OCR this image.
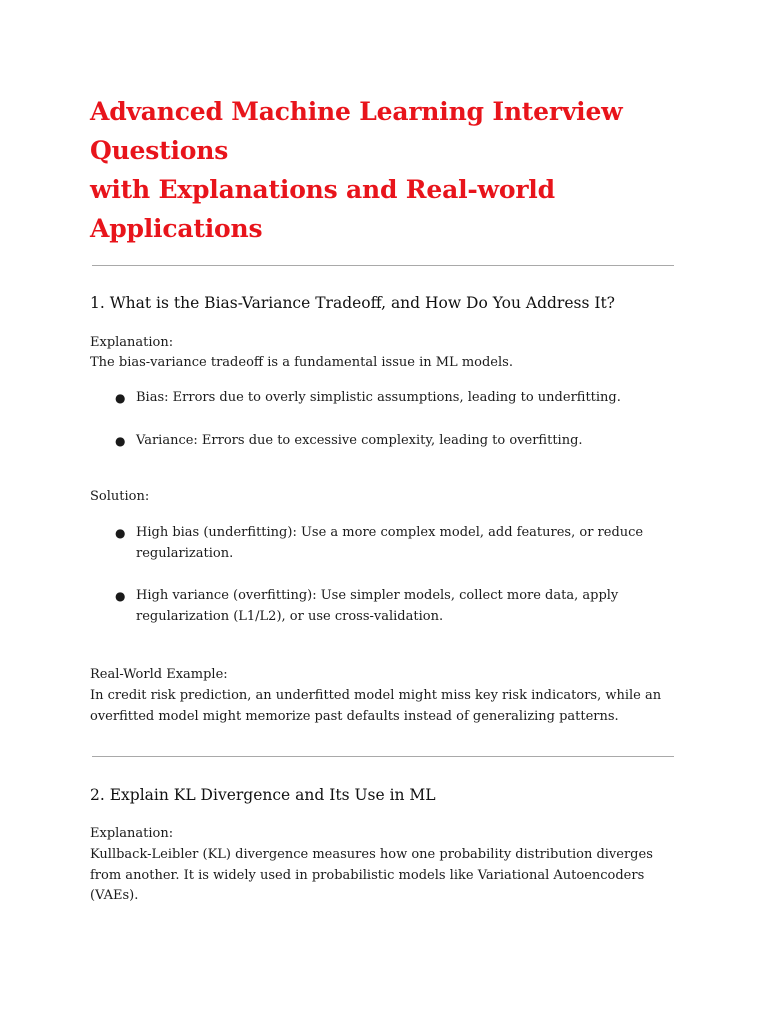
Advanced Machine Learning Interview
Questions
with Explanations and Real-world
Applications
1. What is the Bias-Variance Tradeoff, and How Do You Address It?

Explanation:

The bias-variance tradeoff is a fundamental issue in ML models.

● Bias: Errors due to overly simplistic assumptions, leading to underfitting.
● Variance: Errors due to excessive complexity, leading to overfitting.

Solution:

● High bias (underfitting): Use a more complex model, add features, or reduce regularization.
● High variance (overfitting): Use simpler models, collect more data, apply regularization (L1/L2), or use cross-validation.

Real-World Example:

In credit risk prediction, an underfitted model might miss key risk indicators, while an overfitted model might memorize past defaults instead of generalizing patterns.

2. Explain KL Divergence and Its Use in ML

Explanation:

Kullback-Leibler (KL) divergence measures how one probability distribution diverges from another. It is widely used in probabilistic models like Variational Autoencoders (VAEs).
